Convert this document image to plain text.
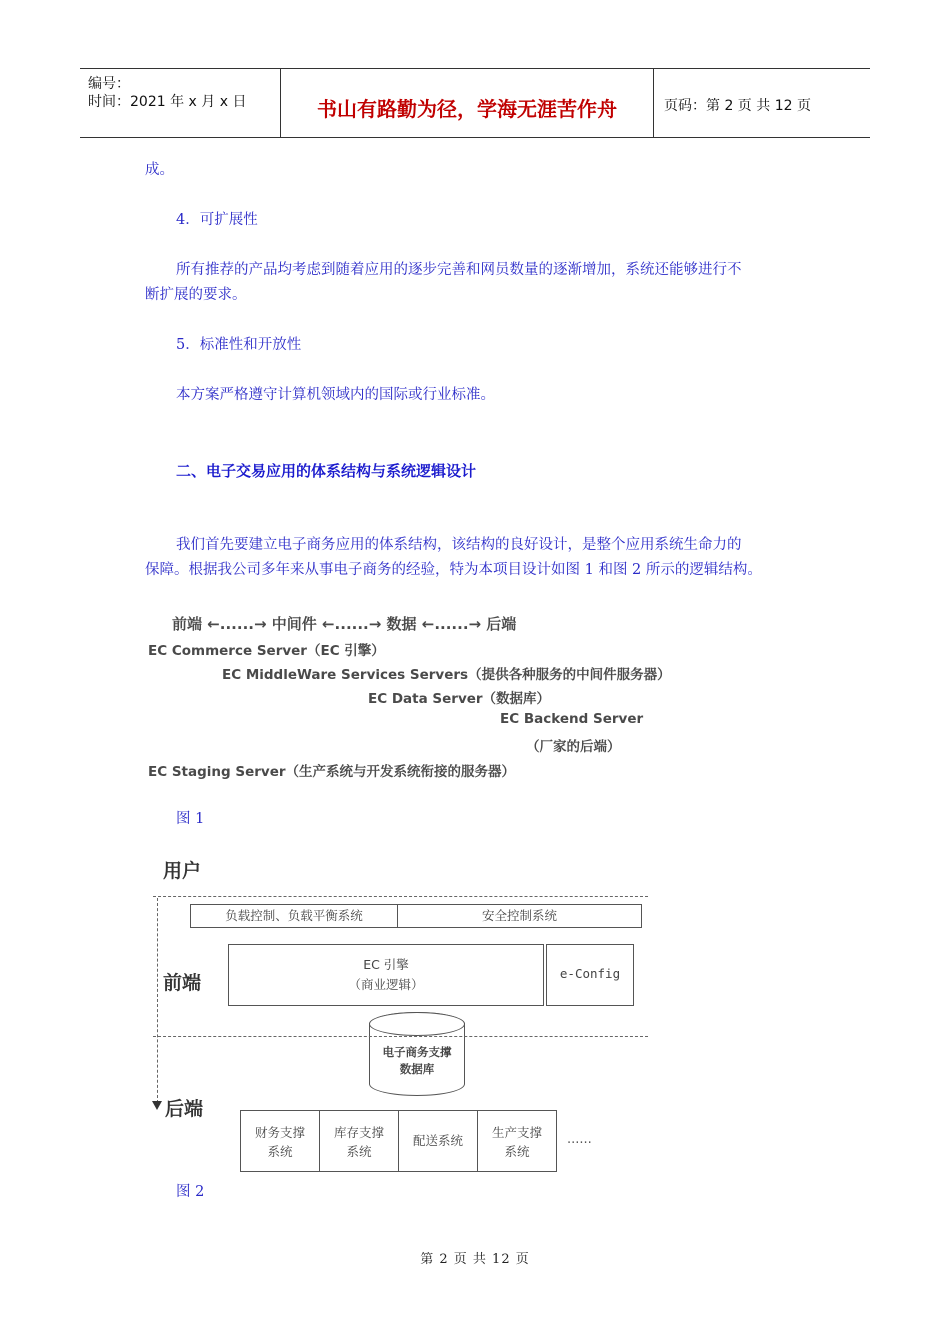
编号：
时间：2021 年 x 月 x 日	书山有路勤为径，学海无涯苦作舟	页码：第 2 页 共 12 页
成。
4．可扩展性
所有推荐的产品均考虑到随着应用的逐步完善和网员数量的逐渐增加，系统还能够进行不
断扩展的要求。
5．标准性和开放性
本方案严格遵守计算机领域内的国际或行业标准。
二、电子交易应用的体系结构与系统逻辑设计
我们首先要建立电子商务应用的体系结构，该结构的良好设计，是整个应用系统生命力的
保障。根据我公司多年来从事电子商务的经验，特为本项目设计如图 1 和图 2 所示的逻辑结构。
前端 ←......→ 中间件 ←......→ 数据 ←......→ 后端
EC Commerce Server（EC 引擎）
EC MiddleWare Services Servers（提供各种服务的中间件服务器）
EC Data Server（数据库）
EC Backend Server
（厂家的后端）
EC Staging Server（生产系统与开发系统衔接的服务器）
图 1
用户
负载控制、负载平衡系统	安全控制系统
前端
EC 引擎
（商业逻辑）
e-Config
电子商务支撑
数据库
后端
财务支撑
系统
库存支撑
系统
配送系统
生产支撑
系统
......
图 2
第 2 页 共 12 页
